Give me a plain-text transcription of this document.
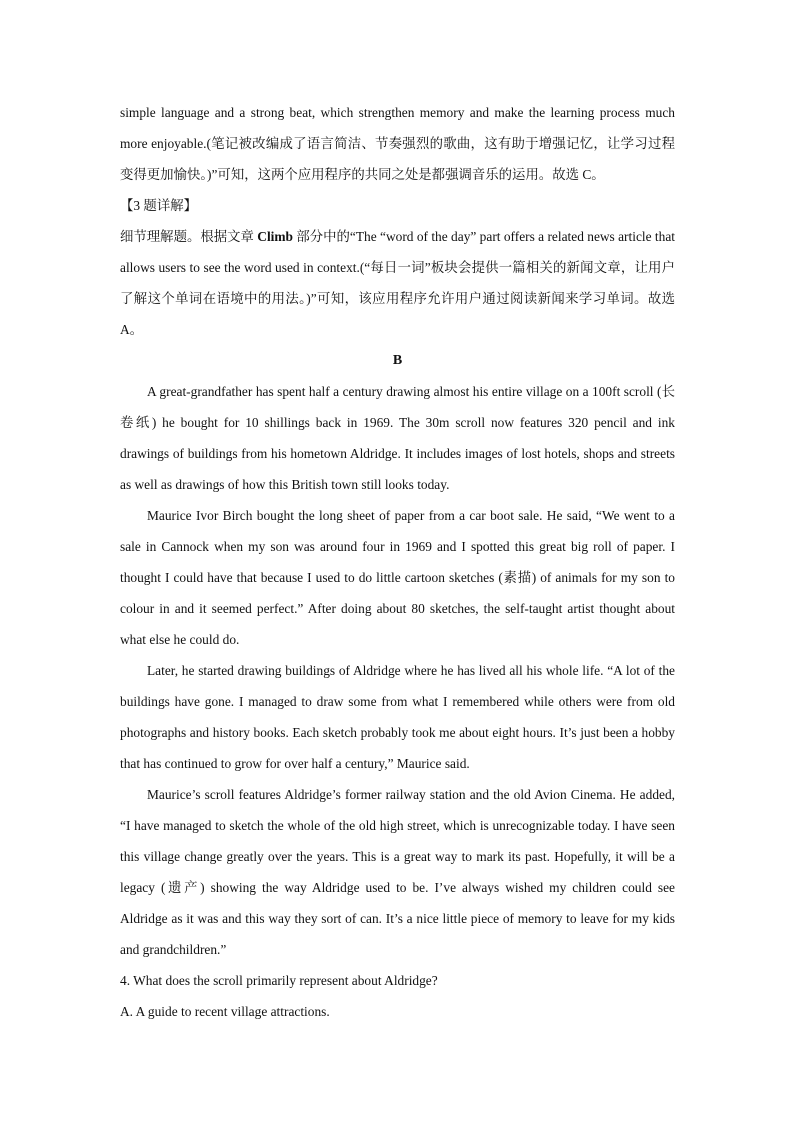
simple language and a strong beat, which strengthen memory and make the learning process much more enjoyable.(笔记被改编成了语言简洁、节奏强烈的歌曲，这有助于增强记忆，让学习过程变得更加愉快。)”可知，这两个应用程序的共同之处是都强调音乐的运用。故选 C。

【3 题详解】

细节理解题。根据文章 Climb 部分中的“The “word of the day” part offers a related news article that allows users to see the word used in context.(“每日一词”板块会提供一篇相关的新闻文章，让用户了解这个单词在语境中的用法。)”可知，该应用程序允许用户通过阅读新闻来学习单词。故选 A。

B

A great-grandfather has spent half a century drawing almost his entire village on a 100ft scroll (长卷纸) he bought for 10 shillings back in 1969. The 30m scroll now features 320 pencil and ink drawings of buildings from his hometown Aldridge. It includes images of lost hotels, shops and streets as well as drawings of how this British town still looks today.

Maurice Ivor Birch bought the long sheet of paper from a car boot sale. He said, “We went to a sale in Cannock when my son was around four in 1969 and I spotted this great big roll of paper. I thought I could have that because I used to do little cartoon sketches (素描) of animals for my son to colour in and it seemed perfect.” After doing about 80 sketches, the self-taught artist thought about what else he could do.

Later, he started drawing buildings of Aldridge where he has lived all his whole life. “A lot of the buildings have gone. I managed to draw some from what I remembered while others were from old photographs and history books. Each sketch probably took me about eight hours. It’s just been a hobby that has continued to grow for over half a century,” Maurice said.

Maurice’s scroll features Aldridge’s former railway station and the old Avion Cinema. He added, “I have managed to sketch the whole of the old high street, which is unrecognizable today. I have seen this village change greatly over the years. This is a great way to mark its past. Hopefully, it will be a legacy (遗产) showing the way Aldridge used to be. I’ve always wished my children could see Aldridge as it was and this way they sort of can. It’s a nice little piece of memory to leave for my kids and grandchildren.”

4. What does the scroll primarily represent about Aldridge?

A. A guide to recent village attractions.
